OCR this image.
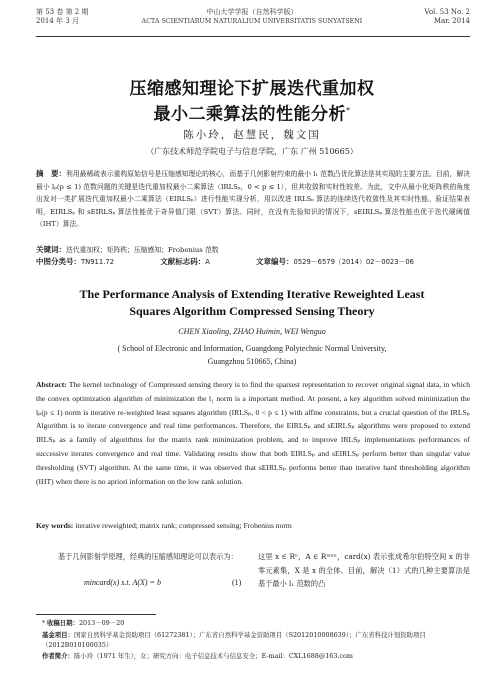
第 53 卷 第 2 期
2014 年 3 月
中山大学学报（自然科学版）
ACTA SCIENTIARUM NATURALIUM UNIVERSITATIS SUNYATSENI
Vol. 53 No. 2
Mar. 2014
压缩感知理论下扩展迭代重加权
最小二乘算法的性能分析*
陈小玲，赵慧民，魏文国
（广东技术师范学院电子与信息学院，广东 广州 510665）
摘　要：利用最稀疏表示重构原始信号是压缩感知理论的核心，而基于几何影射约束的最小 l₁ 范数凸优化算法是其实现的主要方法。目前，解决最小 lₚ(p ≤ 1) 范数问题的关键是迭代重加权最小二乘算法（IRLSₚ，0 < p ≤ 1），但其收敛和实时性较差。为此，文中从最小化矩阵秩的角度出发对一类扩展迭代重加权最小二乘算法（EIRLSₚ）进行性能实现分析，用以改进 IRLSₚ 算法的连续迭代收敛性及其实时性能。验证结果表明，EIRLSₚ 和 sEIRLSₚ 算法性能优于奇异值门限（SVT）算法。同时，在没有先验知识的情况下，sEIRLSₚ 算法性能也优于迭代硬阈值（IHT）算法。
关键词：迭代重加权；矩阵秩；压缩感知；Frobenius 范数
中图分类号：TN911.72	文献标志码：A	文章编号：0529－6579（2014）02－0023－06
The Performance Analysis of Extending Iterative Reweighted Least
Squares Algorithm Compressed Sensing Theory
CHEN Xiaoling, ZHAO Huimin, WEI Wenguo
( School of Electronic and Information, Guangdong Polytechnic Normal University,
Guangzhou 510665, China)
Abstract: The kernel technology of Compressed sensing theory is to find the sparsest representation to recover original signal data, in which the convex optimization algorithm of minimization the l₁ norm is a important method. At present, a key algorithm solved minimization the lₚ(p ≤ 1) norm is iterative re-weighted least squares algorithm (IRLSₚ, 0 < p ≤ 1) with affine constraints, but a crucial question of the IRLSₚ Algorithm is to iterate convergence and real time performances. Therefore, the EIRLSₚ and sEIRLSₚ algorithms were proposed to extend IRLSₚ as a family of algorithms for the matrix rank minimization problem, and to improve IRLSₚ implementations performances of successive iterates convergence and real time. Validating results show that both EIRLSₚ and sEIRLSₚ perform better than singular value thresholding (SVT) algorithm. At the same time, it was observed that sEIRLSₚ performs better than iterative hard thresholding algorithm (IHT) when there is no apriori information on the low rank solution.
Key words: iterative reweighted; matrix rank; compressed sensing; Frobenius norm
基于几何影射学原理，经典的压缩感知理论可以表示为：
mincard(x) s.t. A(X) = b	(1)
这里 x ∈ Rⁿ，A ∈ Rᵐˣⁿ，card(x) 表示张成希尔伯特空间 x 的非零元素集，X 是 x 的全体。目前，解决（1）式的几种主要算法是基于最小 l₁ 范数的凸
* 收稿日期：2013－09－20
基金项目：国家自然科学基金资助项目（61272381）；广东省自然科学基金资助项目（S2012010008639）；广东省科技计划资助项目（2012B010100035）
作者简介：陈小玲（1971 年生），女；研究方向：电子信息技术与信息安全；E-mail：CXL1688@163.com
